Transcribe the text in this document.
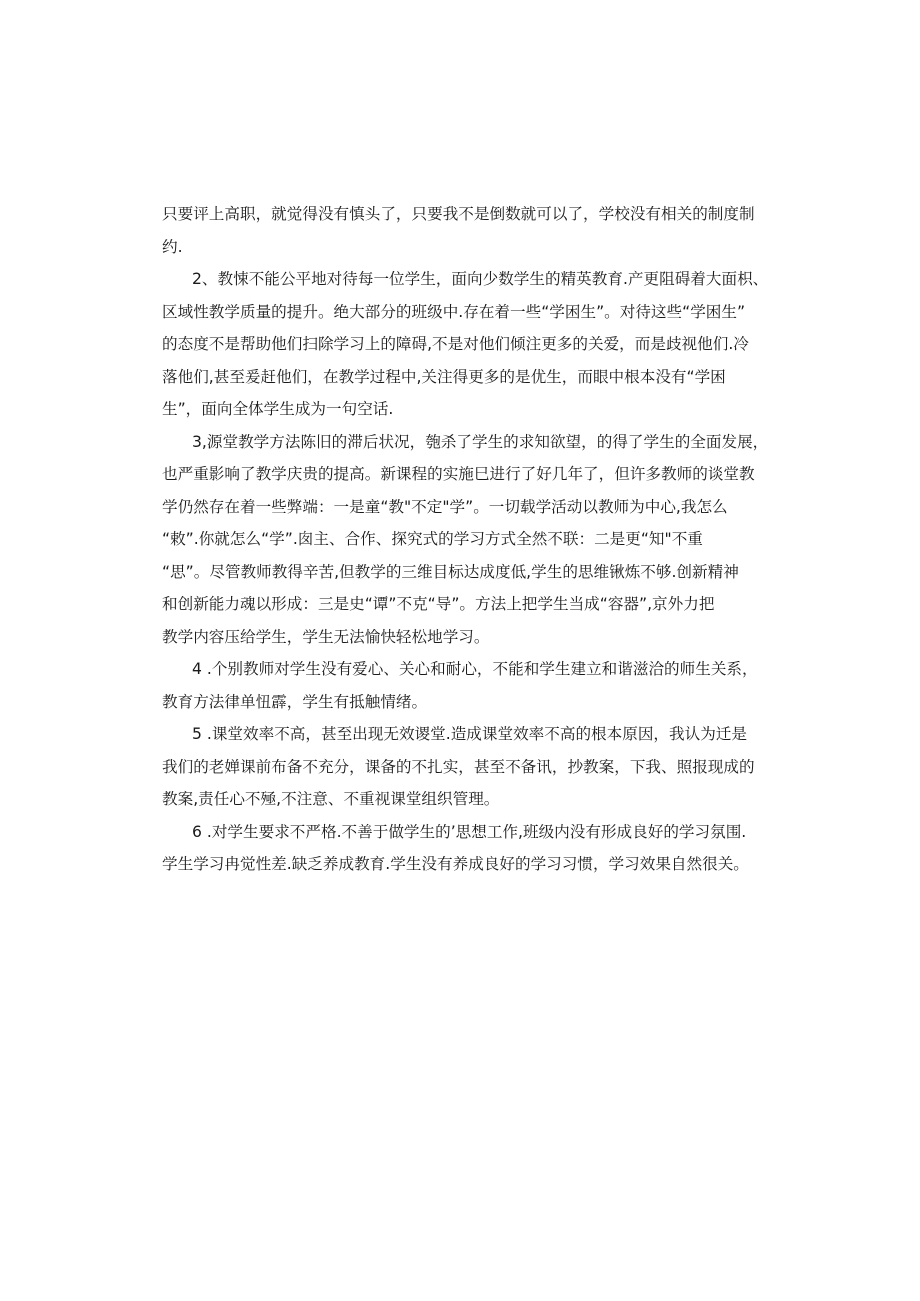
只要评上高职，就觉得没有慎头了，只要我不是倒数就可以了，学校没有相关的制度制
约.
2、教悚不能公平地对待每一位学生，面向少数学生的精英教育.产更阻碍着大面枳、
区域性教学质量的提升。绝大部分的班级中.存在着一些“学困生”。对待这些“学困生”
的态度不是帮助他们扫除学习上的障碍,不是对他们倾注更多的关爱，而是歧视他们.冷
落他们,甚至爰赶他们，在教学过程中,关注得更多的是优生，而眼中根本没有“学困
生”，面向全体学生成为一句空话.
3,源堂教学方法陈旧的滞后状况，匏杀了学生的求知欲望，的得了学生的全面发展，
也严重影响了教学庆贵的提高。新课程的实施巳进行了好几年了，但许多教师的谈堂教
学仍然存在着一些弊端：一是童“教"不定"学”。一切载学活动以教师为中心,我怎么
“敕”.你就怎么“学”.囱主、合作、探究式的学习方式全然不联：二是更“知"不重
“思”。尽管教师教得辛苦,但教学的三维目标达成度低,学生的思维锹炼不够.创新精神
和创新能力魂以形成：三是史“谭”不克“导”。方法上把学生当成“容器”,京外力把
教学内容压给学生，学生无法愉快轻松地学习。
4 .个别教师对学生没有爱心、关心和耐心，不能和学生建立和谐滋洽的师生关系，
教育方法律单忸霹，学生有抵触情绪。
5 .课堂效率不高，甚至出现无效谡堂.造成课堂效率不高的根本原因，我认为迁是
我们的老婵课前布备不充分，课备的不扎实，甚至不备讯，抄教案，下我、照报现成的
教案,责任心不殛,不注意、不重视课堂组织管理。
6 .对学生要求不严格.不善于做学生的’思想工作,班级内没有形成良好的学习氛围.
学生学习冉觉性差.缺乏养成教育.学生没有养成良好的学习习惯，学习效果自然很关。
